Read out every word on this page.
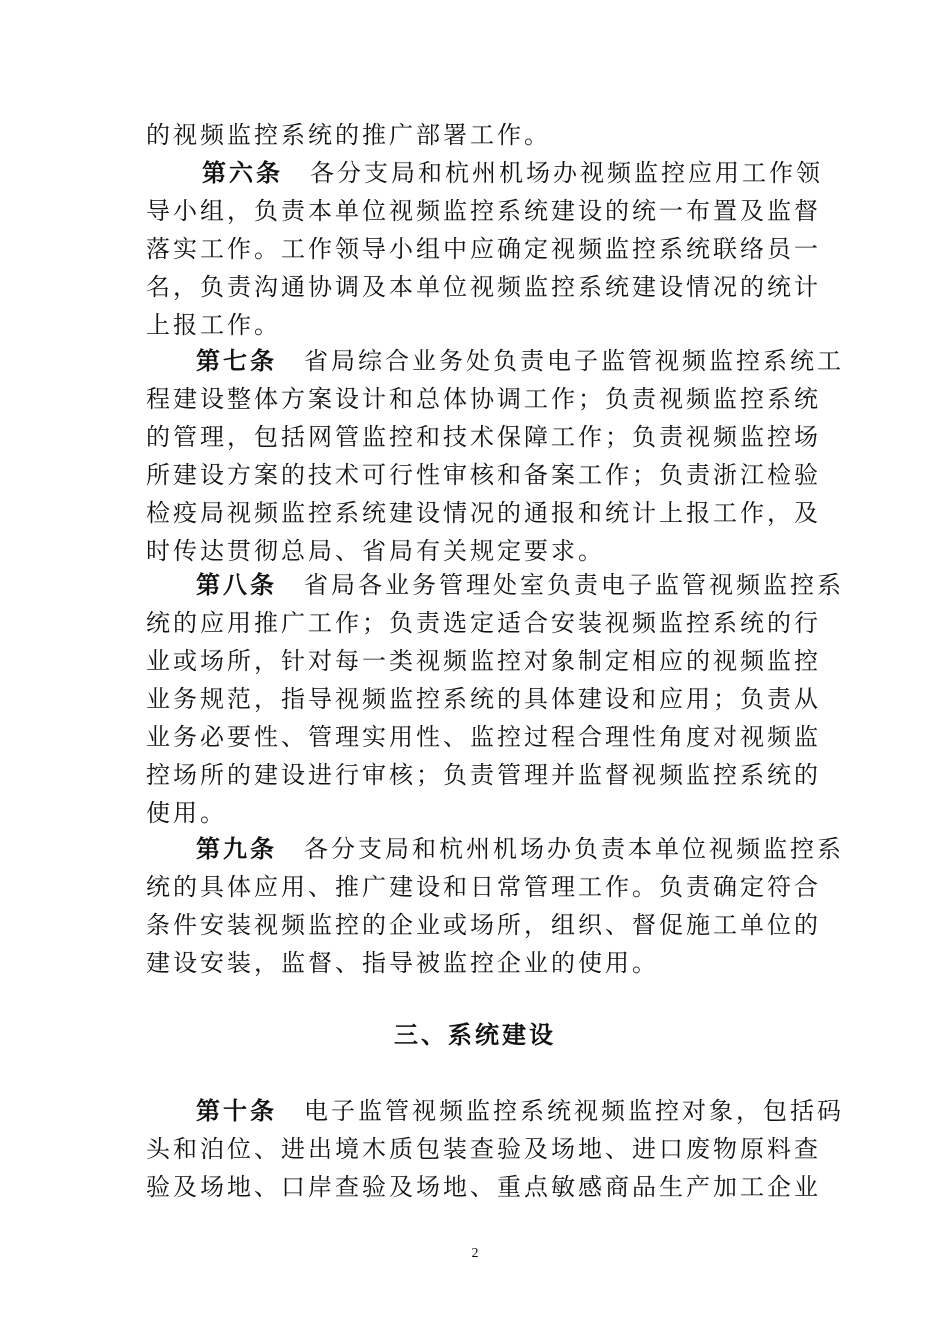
的视频监控系统的推广部署工作。
第六条　各分支局和杭州机场办视频监控应用工作领
导小组，负责本单位视频监控系统建设的统一布置及监督
落实工作。工作领导小组中应确定视频监控系统联络员一
名，负责沟通协调及本单位视频监控系统建设情况的统计
上报工作。
第七条　省局综合业务处负责电子监管视频监控系统工
程建设整体方案设计和总体协调工作；负责视频监控系统
的管理，包括网管监控和技术保障工作；负责视频监控场
所建设方案的技术可行性审核和备案工作；负责浙江检验
检疫局视频监控系统建设情况的通报和统计上报工作，及
时传达贯彻总局、省局有关规定要求。
第八条　省局各业务管理处室负责电子监管视频监控系
统的应用推广工作；负责选定适合安装视频监控系统的行
业或场所，针对每一类视频监控对象制定相应的视频监控
业务规范，指导视频监控系统的具体建设和应用；负责从
业务必要性、管理实用性、监控过程合理性角度对视频监
控场所的建设进行审核；负责管理并监督视频监控系统的
使用。
第九条　各分支局和杭州机场办负责本单位视频监控系
统的具体应用、推广建设和日常管理工作。负责确定符合
条件安装视频监控的企业或场所，组织、督促施工单位的
建设安装，监督、指导被监控企业的使用。
三、系统建设
第十条　电子监管视频监控系统视频监控对象，包括码
头和泊位、进出境木质包装查验及场地、进口废物原料查
验及场地、口岸查验及场地、重点敏感商品生产加工企业
2
